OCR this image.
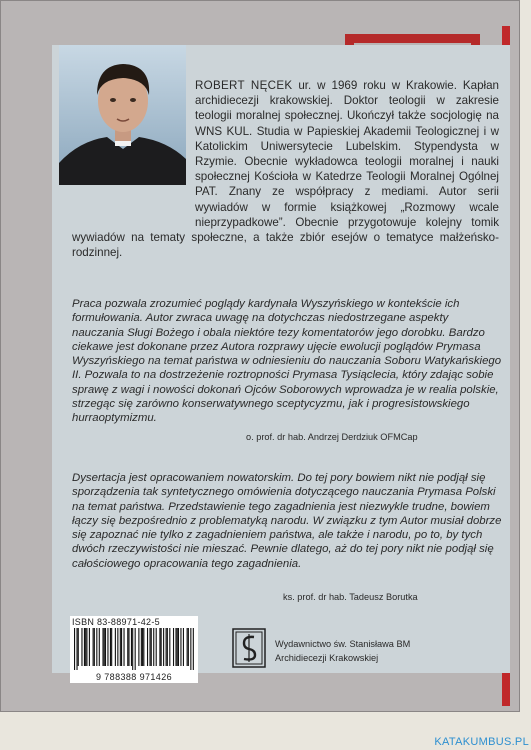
ROBERT NĘCEK ur. w 1969 roku w Krakowie. Kapłan archidiecezji krakowskiej. Doktor teologii w zakresie teologii moralnej społecznej. Ukończył także socjologię na WNS KUL. Studia w Papieskiej Akademii Teologicznej i w Katolickim Uniwersytecie Lubelskim. Stypendysta w Rzymie. Obecnie wykładowca teologii moralnej i nauki społecznej Kościoła w Katedrze Teologii Moralnej Ogólnej PAT. Znany ze współpracy z mediami. Autor serii wywiadów w formie książkowej „Rozmowy wcale nieprzypadkowe”. Obecnie przygotowuje kolejny tomik wywiadów na tematy społeczne, a także zbiór esejów o tematyce małżeńsko-rodzinnej.
Praca pozwala zrozumieć poglądy kardynała Wyszyńskiego w kontekście ich formułowania. Autor zwraca uwagę na dotychczas niedostrzegane aspekty nauczania Sługi Bożego i obala niektóre tezy komentatorów jego dorobku. Bardzo ciekawe jest dokonane przez Autora rozprawy ujęcie ewolucji poglądów Prymasa Wyszyńskiego na temat państwa w odniesieniu do nauczania Soboru Watykańskiego II. Pozwala to na dostrzeżenie roztropności Prymasa Tysiąclecia, który zdając sobie sprawę z wagi i nowości dokonań Ojców Soborowych wprowadza je w realia polskie, strzegąc się zarówno konserwatywnego sceptycyzmu, jak i progresistowskiego hurraoptymizmu.
o. prof. dr hab. Andrzej Derdziuk OFMCap
Dysertacja jest opracowaniem nowatorskim. Do tej pory bowiem nikt nie podjął się sporządzenia tak syntetycznego omówienia dotyczącego nauczania Prymasa Polski na temat państwa. Przedstawienie tego zagadnienia jest niezwykle trudne, bowiem łączy się bezpośrednio z problematyką narodu. W związku z tym Autor musiał dobrze się zapoznać nie tylko z zagadnieniem państwa, ale także i narodu, po to, by tych dwóch rzeczywistości nie mieszać. Pewnie dlatego, aż do tej pory nikt nie podjął się całościowego opracowania tego zagadnienia.
ks. prof. dr hab. Tadeusz Borutka
ISBN 83-88971-42-5
9 788388 971426
Wydawnictwo św. Stanisława BM
Archidiecezji Krakowskiej
KATAKUMBUS.PL
